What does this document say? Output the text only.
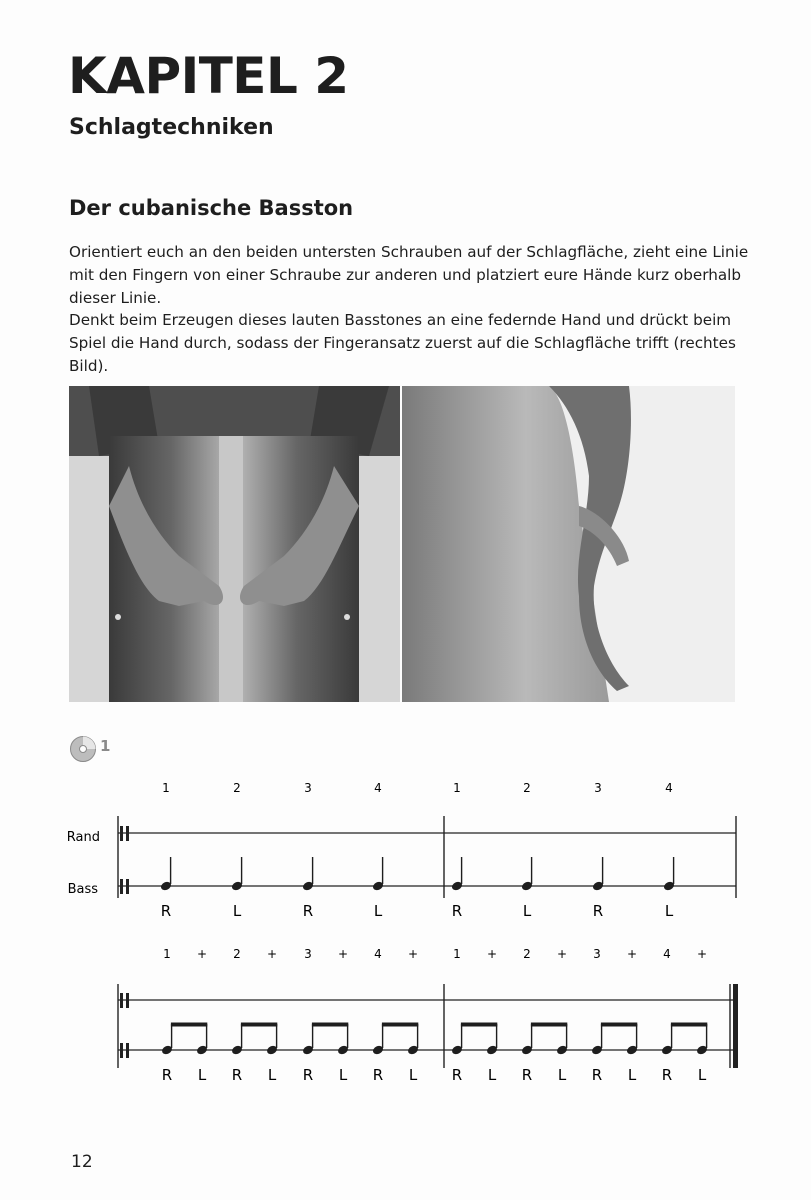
KAPITEL 2
Schlagtechniken
Der cubanische Basston

Orientiert euch an den beiden untersten Schrauben auf der Schlagfläche, zieht eine Linie mit den Fingern von einer Schraube zur anderen und platziert eure Hände kurz oberhalb dieser Linie.

Denkt beim Erzeugen dieses lauten Basstones an eine federnde Hand und drückt beim Spiel die Hand durch, sodass der Fingeransatz zuerst auf die Schlagfläche trifft (rechtes Bild).

1
Rand
Bass
1	2	3	4	1	2	3	4
R	L	R	L	R	L	R	L
1 + 2 + 3 + 4 +	1 + 2 + 3 + 4 +
R L R L R L R L R L R L R L R L
12
